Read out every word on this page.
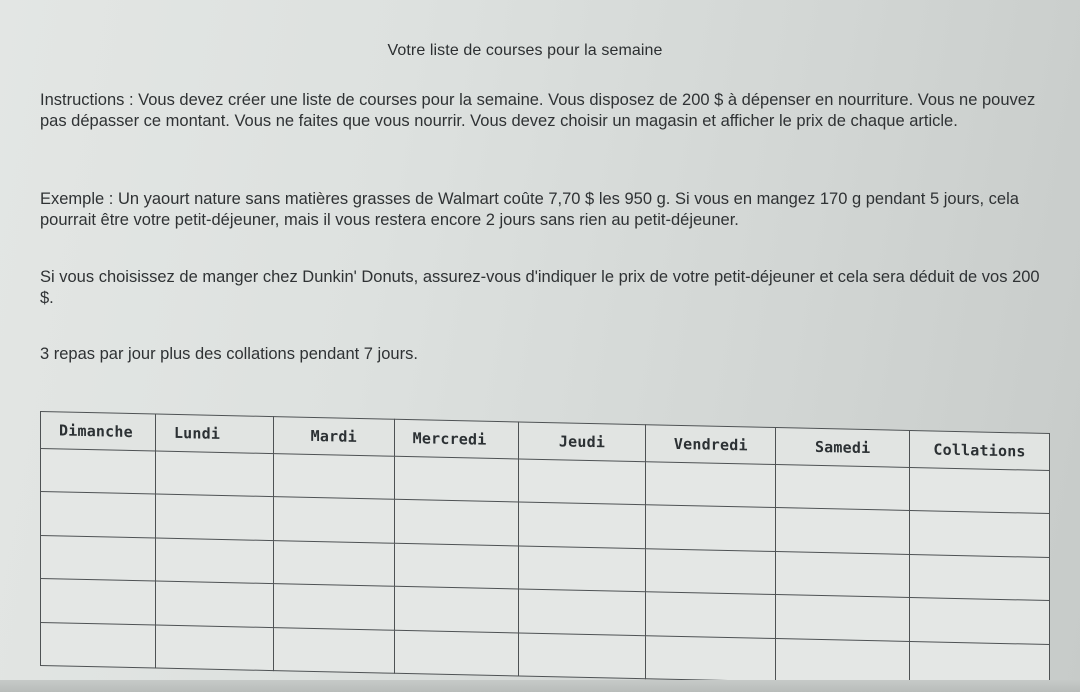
Votre liste de courses pour la semaine
Instructions : Vous devez créer une liste de courses pour la semaine. Vous disposez de 200 $ à dépenser en nourriture. Vous ne pouvez pas dépasser ce montant. Vous ne faites que vous nourrir. Vous devez choisir un magasin et afficher le prix de chaque article.
Exemple : Un yaourt nature sans matières grasses de Walmart coûte 7,70 $ les 950 g. Si vous en mangez 170 g pendant 5 jours, cela pourrait être votre petit-déjeuner, mais il vous restera encore 2 jours sans rien au petit-déjeuner.
Si vous choisissez de manger chez Dunkin' Donuts, assurez-vous d'indiquer le prix de votre petit-déjeuner et cela sera déduit de vos 200 $.
3 repas par jour plus des collations pendant 7 jours.
Dimanche	Lundi	Mardi	Mercredi	Jeudi	Vendredi	Samedi	Collations
